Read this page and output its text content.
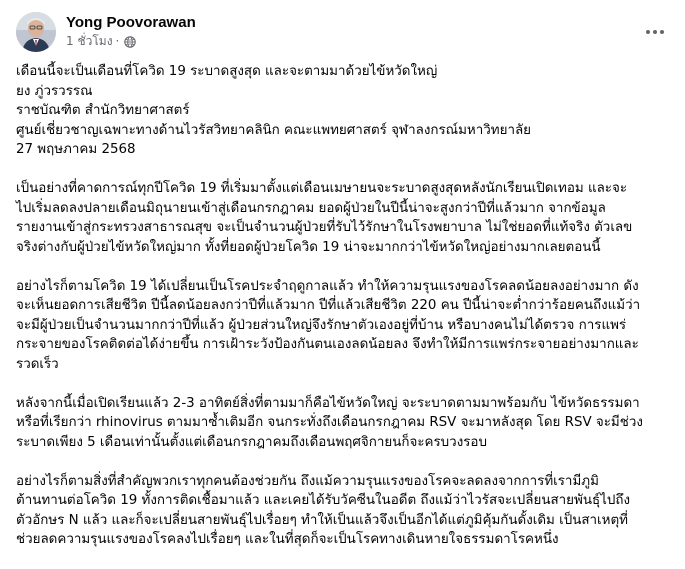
Yong Poovorawan
1 ชั่วโมง ·

เดือนนี้จะเป็นเดือนที่โควิด 19 ระบาดสูงสุด และจะตามมาด้วยไข้หวัดใหญ่

ยง ภู่วรวรรณ

ราชบัณฑิต สำนักวิทยาศาสตร์

ศูนย์เชี่ยวชาญเฉพาะทางด้านไวรัสวิทยาคลินิก คณะแพทยศาสตร์ จุฬาลงกรณ์มหาวิทยาลัย

27 พฤษภาคม 2568

เป็นอย่างที่คาดการณ์ทุกปีโควิด 19 ที่เริ่มมาตั้งแต่เดือนเมษายนจะระบาดสูงสุดหลังนักเรียนเปิดเทอม และจะ

ไปเริ่มลดลงปลายเดือนมิถุนายนเข้าสู่เดือนกรกฎาคม ยอดผู้ป่วยในปีนี้น่าจะสูงกว่าปีที่แล้วมาก จากข้อมูล

รายงานเข้าสู่กระทรวงสาธารณสุข จะเป็นจำนวนผู้ป่วยที่รับไว้รักษาในโรงพยาบาล ไม่ใช่ยอดที่แท้จริง ตัวเลข

จริงต่างกับผู้ป่วยไข้หวัดใหญ่มาก ทั้งที่ยอดผู้ป่วยโควิด 19 น่าจะมากกว่าไข้หวัดใหญ่อย่างมากเลยตอนนี้

อย่างไรก็ตามโควิด 19 ได้เปลี่ยนเป็นโรคประจำฤดูกาลแล้ว ทำให้ความรุนแรงของโรคลดน้อยลงอย่างมาก ดัง

จะเห็นยอดการเสียชีวิต ปีนี้ลดน้อยลงกว่าปีที่แล้วมาก ปีที่แล้วเสียชีวิต 220 คน ปีนี้น่าจะต่ำกว่าร้อยคนถึงแม้ว่า

จะมีผู้ป่วยเป็นจำนวนมากกว่าปีที่แล้ว ผู้ป่วยส่วนใหญ่จึงรักษาตัวเองอยู่ที่บ้าน หรือบางคนไม่ได้ตรวจ การแพร่

กระจายของโรคติดต่อได้ง่ายขึ้น การเฝ้าระวังป้องกันตนเองลดน้อยลง จึงทำให้มีการแพร่กระจายอย่างมากและ

รวดเร็ว

หลังจากนี้เมื่อเปิดเรียนแล้ว 2-3 อาทิตย์สิ่งที่ตามมาก็คือไข้หวัดใหญ่ จะระบาดตามมาพร้อมกับ ไข้หวัดธรรมดา

หรือที่เรียกว่า rhinovirus ตามมาซ้ำเติมอีก จนกระทั่งถึงเดือนกรกฎาคม RSV จะมาหลังสุด โดย RSV จะมีช่วง

ระบาดเพียง 5 เดือนเท่านั้นตั้งแต่เดือนกรกฎาคมถึงเดือนพฤศจิกายนก็จะครบวงรอบ

อย่างไรก็ตามสิ่งที่สำคัญพวกเราทุกคนต้องช่วยกัน ถึงแม้ความรุนแรงของโรคจะลดลงจากการที่เรามีภูมิ

ต้านทานต่อโควิด 19 ทั้งการติดเชื้อมาแล้ว และเคยได้รับวัคซีนในอดีต ถึงแม้ว่าไวรัสจะเปลี่ยนสายพันธุ์ไปถึง

ตัวอักษร N แล้ว และก็จะเปลี่ยนสายพันธุ์ไปเรื่อยๆ ทำให้เป็นแล้วจึงเป็นอีกได้แต่ภูมิคุ้มกันดั้งเดิม เป็นสาเหตุที่

ช่วยลดความรุนแรงของโรคลงไปเรื่อยๆ และในที่สุดก็จะเป็นโรคทางเดินหายใจธรรมดาโรคหนึ่ง
